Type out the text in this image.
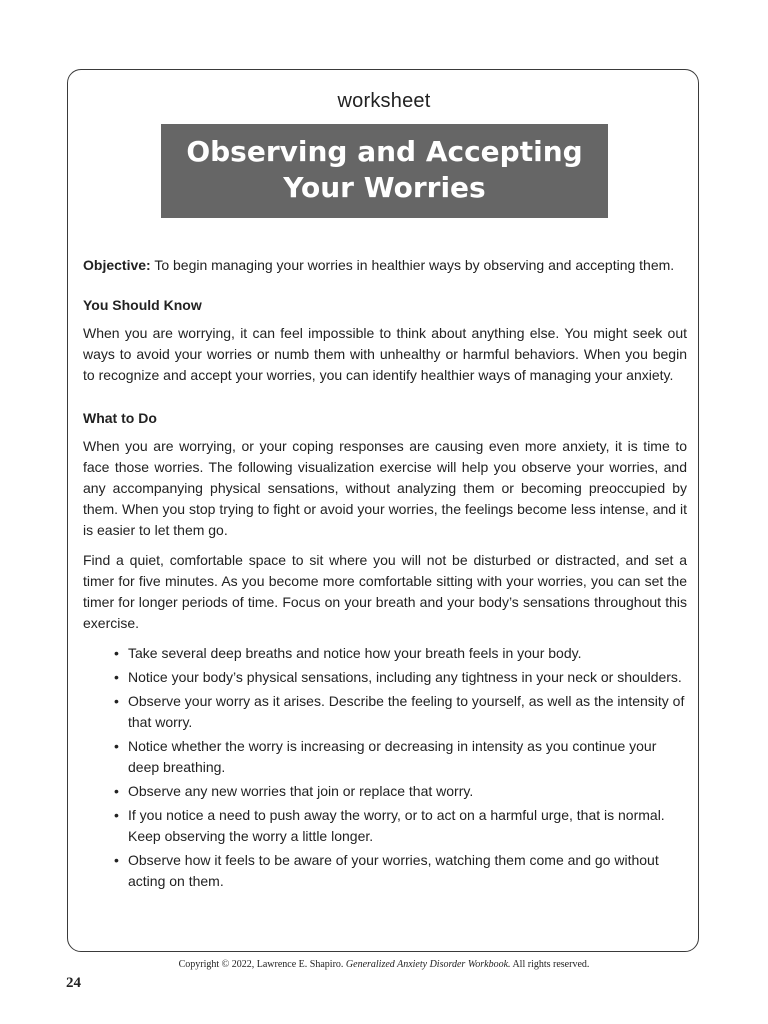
worksheet
Observing and Accepting
Your Worries

Objective: To begin managing your worries in healthier ways by observing and accepting them.

You Should Know

When you are worrying, it can feel impossible to think about anything else. You might seek out ways to avoid your worries or numb them with unhealthy or harmful behaviors. When you begin to recognize and accept your worries, you can identify healthier ways of managing your anxiety.

What to Do

When you are worrying, or your coping responses are causing even more anxiety, it is time to face those worries. The following visualization exercise will help you observe your worries, and any accompanying physical sensations, without analyzing them or becoming preoccupied by them. When you stop trying to fight or avoid your worries, the feelings become less intense, and it is easier to let them go.

Find a quiet, comfortable space to sit where you will not be disturbed or distracted, and set a timer for five minutes. As you become more comfortable sitting with your worries, you can set the timer for longer periods of time. Focus on your breath and your body’s sensations throughout this exercise.

• Take several deep breaths and notice how your breath feels in your body.
• Notice your body’s physical sensations, including any tightness in your neck or shoulders.
• Observe your worry as it arises. Describe the feeling to yourself, as well as the intensity of that worry.
• Notice whether the worry is increasing or decreasing in intensity as you continue your deep breathing.
• Observe any new worries that join or replace that worry.
• If you notice a need to push away the worry, or to act on a harmful urge, that is normal. Keep observing the worry a little longer.
• Observe how it feels to be aware of your worries, watching them come and go without acting on them.
Copyright © 2022, Lawrence E. Shapiro. Generalized Anxiety Disorder Workbook. All rights reserved.
24
